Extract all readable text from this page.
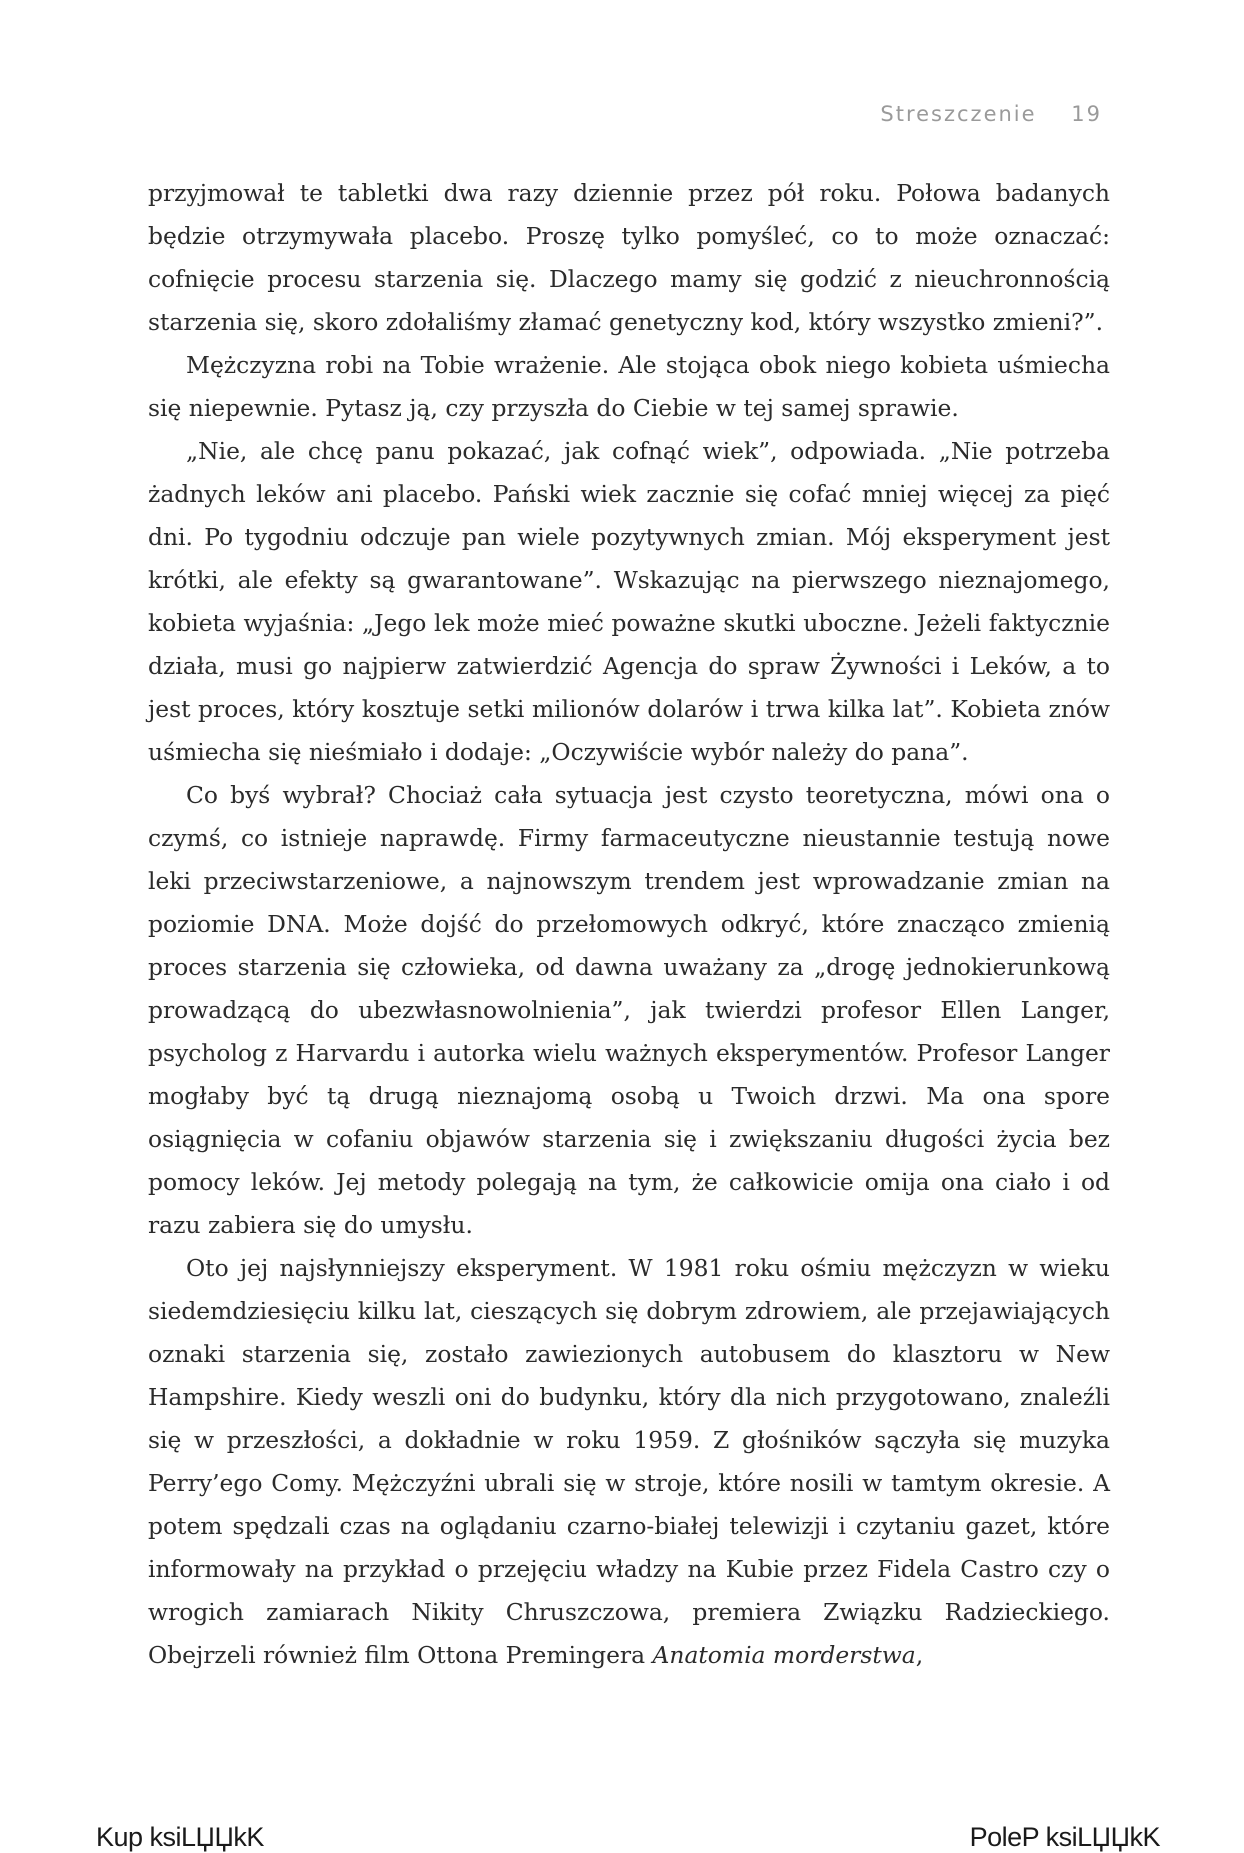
Streszczenie 19

przyjmował te tabletki dwa razy dziennie przez pół roku. Połowa badanych będzie otrzymywała placebo. Proszę tylko pomyśleć, co to może oznaczać: cofnięcie procesu starzenia się. Dlaczego mamy się godzić z nieuchronnością starzenia się, skoro zdołaliśmy złamać genetyczny kod, który wszystko zmieni?”.

Mężczyzna robi na Tobie wrażenie. Ale stojąca obok niego kobieta uśmiecha się niepewnie. Pytasz ją, czy przyszła do Ciebie w tej samej sprawie.

„Nie, ale chcę panu pokazać, jak cofnąć wiek”, odpowiada. „Nie potrzeba żadnych leków ani placebo. Pański wiek zacznie się cofać mniej więcej za pięć dni. Po tygodniu odczuje pan wiele pozytywnych zmian. Mój eksperyment jest krótki, ale efekty są gwarantowane”. Wskazując na pierwszego nieznajomego, kobieta wyjaśnia: „Jego lek może mieć poważne skutki uboczne. Jeżeli faktycznie działa, musi go najpierw zatwierdzić Agencja do spraw Żywności i Leków, a to jest proces, który kosztuje setki milionów dolarów i trwa kilka lat”. Kobieta znów uśmiecha się nieśmiało i dodaje: „Oczywiście wybór należy do pana”.

Co byś wybrał? Chociaż cała sytuacja jest czysto teoretyczna, mówi ona o czymś, co istnieje naprawdę. Firmy farmaceutyczne nieustannie testują nowe leki przeciwstarzeniowe, a najnowszym trendem jest wprowadzanie zmian na poziomie DNA. Może dojść do przełomowych odkryć, które znacząco zmienią proces starzenia się człowieka, od dawna uważany za „drogę jednokierunkową prowadzącą do ubezwłasnowolnienia”, jak twierdzi profesor Ellen Langer, psycholog z Harvardu i autorka wielu ważnych eksperymentów. Profesor Langer mogłaby być tą drugą nieznajomą osobą u Twoich drzwi. Ma ona spore osiągnięcia w cofaniu objawów starzenia się i zwiększaniu długości życia bez pomocy leków. Jej metody polegają na tym, że całkowicie omija ona ciało i od razu zabiera się do umysłu.

Oto jej najsłynniejszy eksperyment. W 1981 roku ośmiu mężczyzn w wieku siedemdziesięciu kilku lat, cieszących się dobrym zdrowiem, ale przejawiających oznaki starzenia się, zostało zawiezionych autobusem do klasztoru w New Hampshire. Kiedy weszli oni do budynku, który dla nich przygotowano, znaleźli się w przeszłości, a dokładnie w roku 1959. Z głośników sączyła się muzyka Perry’ego Comy. Mężczyźni ubrali się w stroje, które nosili w tamtym okresie. A potem spędzali czas na oglądaniu czarno-białej telewizji i czytaniu gazet, które informowały na przykład o przejęciu władzy na Kubie przez Fidela Castro czy o wrogich zamiarach Nikity Chruszczowa, premiera Związku Radzieckiego. Obejrzeli również film Ottona Premingera Anatomia morderstwa,

Kup ksiLЏЏkK	PoleP ksiLЏЏkK
